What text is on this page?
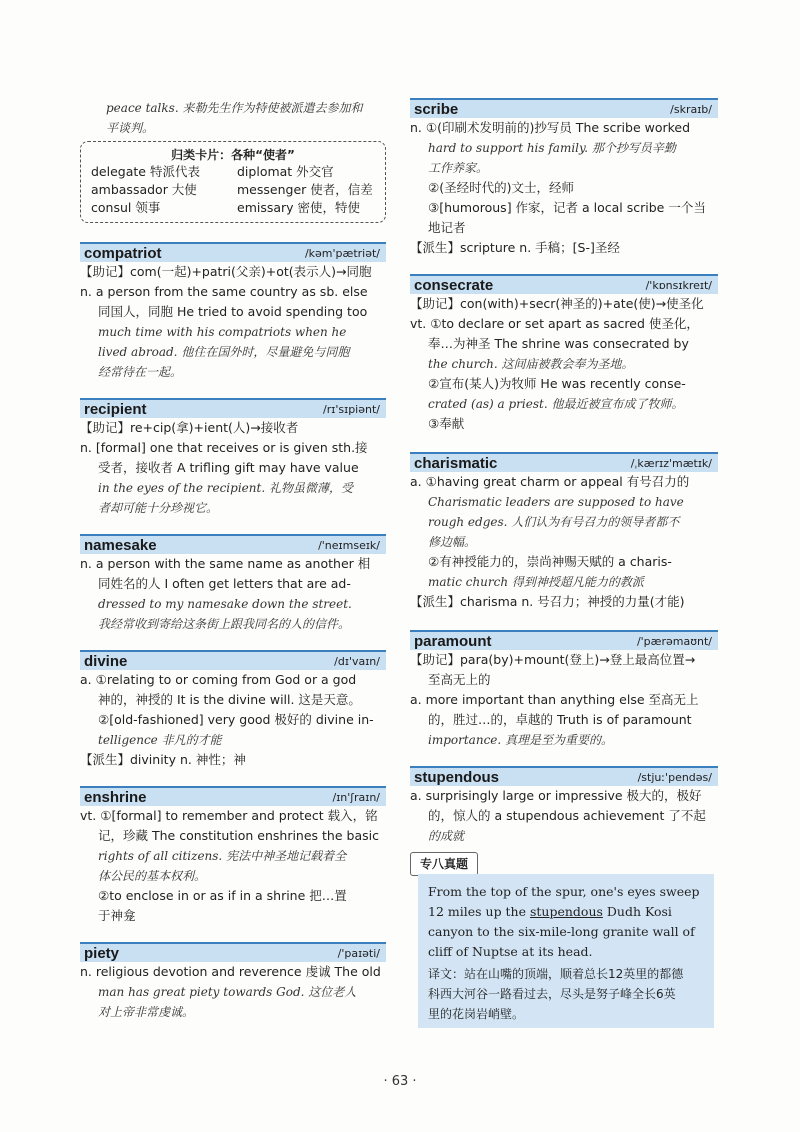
peace talks. 来勒先生作为特使被派遣去参加和
平谈判。
归类卡片：各种“使者”
delegate 特派代表	diplomat 外交官
ambassador 大使	messenger 使者，信差
consul 领事	emissary 密使，特使
compatriot	/kəm'pætriət/
【助记】com(一起)+patri(父亲)+ot(表示人)→同胞
n. a person from the same country as sb. else
同国人，同胞 He tried to avoid spending too
much time with his compatriots when he
lived abroad. 他住在国外时，尽量避免与同胞
经常待在一起。
recipient	/rɪ'sɪpiənt/
【助记】re+cip(拿)+ient(人)→接收者
n. [formal] one that receives or is given sth.接
受者，接收者 A trifling gift may have value
in the eyes of the recipient. 礼物虽微薄，受
者却可能十分珍视它。
namesake	/'neɪmseɪk/
n. a person with the same name as another 相
同姓名的人 I often get letters that are ad-
dressed to my namesake down the street.
我经常收到寄给这条街上跟我同名的人的信件。
divine	/dɪ'vaɪn/
a. ①relating to or coming from God or a god
神的，神授的 It is the divine will. 这是天意。
②[old-fashioned] very good 极好的 divine in-
telligence 非凡的才能
【派生】divinity n. 神性；神
enshrine	/ɪn'ʃraɪn/
vt. ①[formal] to remember and protect 载入，铭
记，珍藏 The constitution enshrines the basic
rights of all citizens. 宪法中神圣地记载着全
体公民的基本权利。
②to enclose in or as if in a shrine 把…置
于神龛
piety	/'paɪəti/
n. religious devotion and reverence 虔诚 The old
man has great piety towards God. 这位老人
对上帝非常虔诚。
scribe	/skraɪb/
n. ①(印刷术发明前的)抄写员 The scribe worked
hard to support his family. 那个抄写员辛勤
工作养家。
②(圣经时代的)文士，经师
③[humorous] 作家，记者 a local scribe 一个当
地记者
【派生】scripture n. 手稿；[S-]圣经
consecrate	/'kɒnsɪkreɪt/
【助记】con(with)+secr(神圣的)+ate(使)→使圣化
vt. ①to declare or set apart as sacred 使圣化，
奉…为神圣 The shrine was consecrated by
the church. 这间庙被教会奉为圣地。
②宣布(某人)为牧师 He was recently conse-
crated (as) a priest. 他最近被宣布成了牧师。
③奉献
charismatic	/ˌkærɪz'mætɪk/
a. ①having great charm or appeal 有号召力的
Charismatic leaders are supposed to have
rough edges. 人们认为有号召力的领导者都不
修边幅。
②有神授能力的，崇尚神赐天赋的 a charis-
matic church 得到神授超凡能力的教派
【派生】charisma n. 号召力；神授的力量(才能)
paramount	/'pærəmaʊnt/
【助记】para(by)+mount(登上)→登上最高位置→
至高无上的
a. more important than anything else 至高无上
的，胜过…的，卓越的 Truth is of paramount
importance. 真理是至为重要的。
stupendous	/stjuː'pendəs/
a. surprisingly large or impressive 极大的，极好
的，惊人的 a stupendous achievement 了不起
的成就
专八真题
From the top of the spur, one's eyes sweep
12 miles up the stupendous Dudh Kosi
canyon to the six-mile-long granite wall of
cliff of Nuptse at its head.
译文：站在山嘴的顶端，顺着总长12英里的都德
科西大河谷一路看过去，尽头是努子峰全长6英
里的花岗岩峭壁。
· 63 ·
